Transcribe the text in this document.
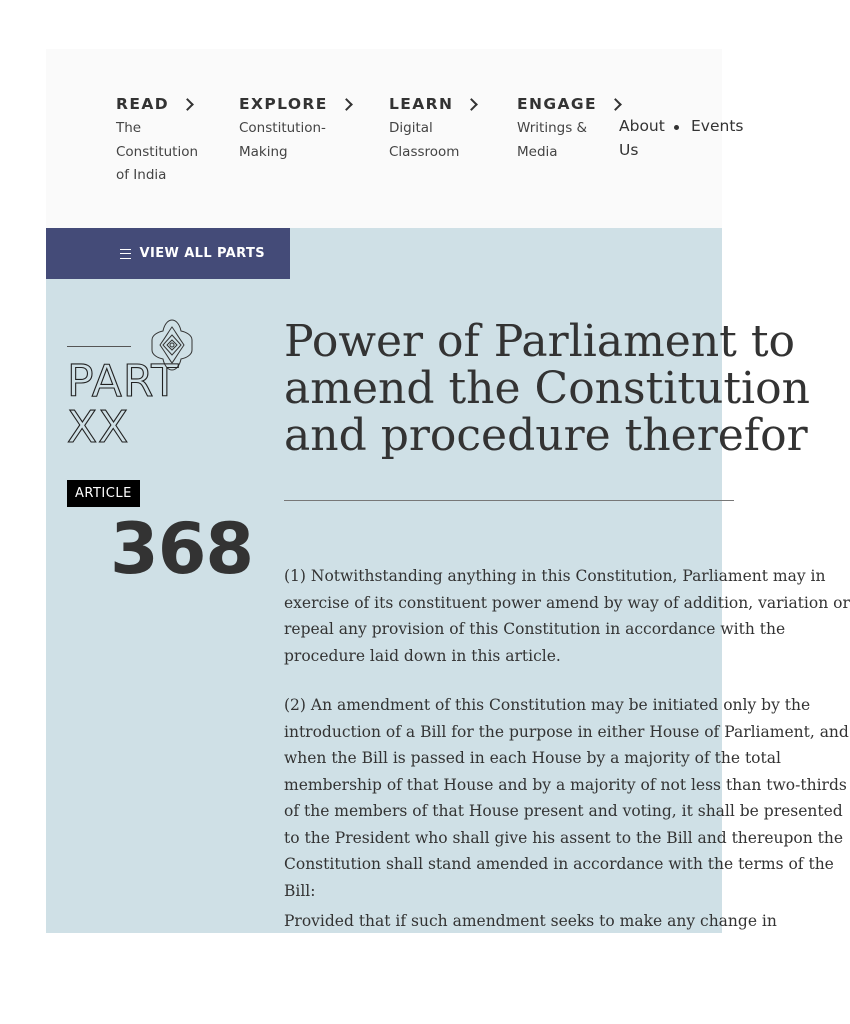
READ
The Constitution of India
EXPLORE
Constitution-Making
LEARN
Digital Classroom
ENGAGE
Writings & Media
About Us
Events
VIEW ALL PARTS
PART
XX
ARTICLE
368
Power of Parliament to
amend the Constitution
and procedure therefor

(1) Notwithstanding anything in this Constitution, Parliament may in
exercise of its constituent power amend by way of addition, variation or
repeal any provision of this Constitution in accordance with the
procedure laid down in this article.

(2) An amendment of this Constitution may be initiated only by the
introduction of a Bill for the purpose in either House of Parliament, and
when the Bill is passed in each House by a majority of the total
membership of that House and by a majority of not less than two-thirds
of the members of that House present and voting, it shall be presented
to the President who shall give his assent to the Bill and thereupon the
Constitution shall stand amended in accordance with the terms of the
Bill:

Provided that if such amendment seeks to make any change in
